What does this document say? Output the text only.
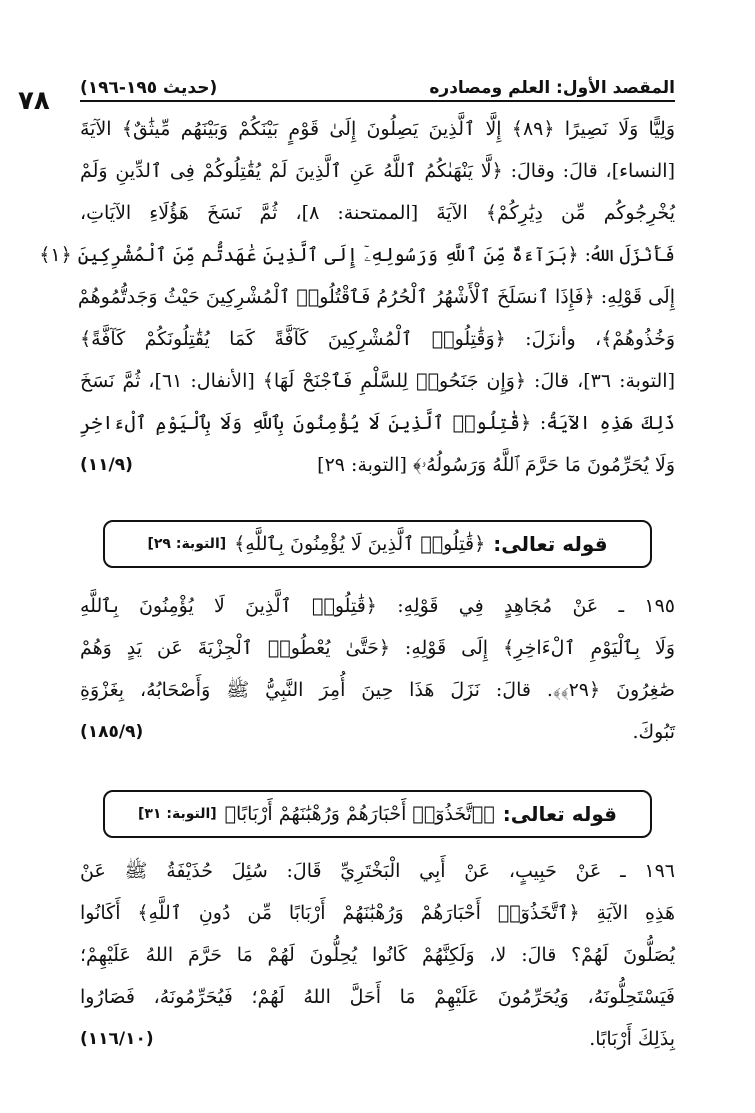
المقصد الأول: العلم ومصادره
(حديث ١٩٥-١٩٦)
٧٨
وَلِيًّا وَلَا نَصِيرًا ﴿٨٩﴾ إِلَّا ٱلَّذِينَ يَصِلُونَ إِلَىٰ قَوْمٍ بَيْنَكُمْ وَبَيْنَهُم مِّيثَٰقٌ﴾ الآيَةَ
[النساء]، قالَ: وقالَ: ﴿لَّا يَنْهَىٰكُمُ ٱللَّهُ عَنِ ٱلَّذِينَ لَمْ يُقَٰتِلُوكُمْ فِى ٱلدِّينِ وَلَمْ
يُخْرِجُوكُم مِّن دِيَٰرِكُمْ﴾ الآيَةَ [الممتحنة: ٨]، ثُمَّ نَسَخَ هَؤُلَاءِ الآيَاتِ،
فَأَنْزَلَ اللهُ: ﴿بَرَآءَةٌ مِّنَ ٱللَّهِ وَرَسُولِهِۦٓ إِلَى ٱلَّذِينَ عَٰهَدتُّم مِّنَ ٱلْمُشْرِكِينَ ﴿١﴾
إِلَى قَوْلِهِ: ﴿فَإِذَا ٱنسَلَخَ ٱلْأَشْهُرُ ٱلْحُرُمُ فَٱقْتُلُوا۟ ٱلْمُشْرِكِينَ حَيْثُ وَجَدتُّمُوهُمْ
وَخُذُوهُمْ﴾، وأنزَلَ: ﴿وَقَٰتِلُوا۟ ٱلْمُشْرِكِينَ كَآفَّةً كَمَا يُقَٰتِلُونَكُمْ كَآفَّةً﴾
[التوبة: ٣٦]، قالَ: ﴿وَإِن جَنَحُوا۟ لِلسَّلْمِ فَٱجْنَحْ لَهَا﴾ [الأنفال: ٦١]، ثُمَّ نَسَخَ
ذَلِكَ هَذِهِ الآيَةُ: ﴿قَٰتِلُوا۟ ٱلَّذِينَ لَا يُؤْمِنُونَ بِٱللَّهِ وَلَا بِٱلْيَوْمِ ٱلْءَاخِرِ
وَلَا يُحَرِّمُونَ مَا حَرَّمَ ٱللَّهُ وَرَسُولُهُۥ﴾ [التوبة: ٢٩]
(١١/٩)
قوله تعالى:
﴿قَٰتِلُوا۟ ٱلَّذِينَ لَا يُؤْمِنُونَ بِٱللَّهِ﴾
[التوبة: ٢٩]
١٩٥ ـ عَنْ مُجَاهِدٍ فِي قَوْلِهِ: ﴿قَٰتِلُوا۟ ٱلَّذِينَ لَا يُؤْمِنُونَ بِٱللَّهِ
وَلَا بِٱلْيَوْمِ ٱلْءَاخِرِ﴾ إِلَى قَوْلِهِ: ﴿حَتَّىٰ يُعْطُوا۟ ٱلْجِزْيَةَ عَن يَدٍ وَهُمْ
صَٰغِرُونَ ﴿٢٩﴾﴾. قالَ: نَزَلَ هَذَا حِينَ أُمِرَ النَّبِيُّ ﷺ وَأَصْحَابُهُ، بِغَزْوَةِ
تَبُوكَ.
(١٨٥/٩)
قوله تعالى:
﴿ٱتَّخَذُوٓا۟ أَحْبَارَهُمْ وَرُهْبَٰنَهُمْ أَرْبَابًا﴾
[التوبة: ٣١]
١٩٦ ـ عَنْ حَبِيبٍ، عَنْ أَبِي الْبَخْتَرِيِّ قَالَ: سُئِلَ حُذَيْفَةُ ﷺ عَنْ
هَذِهِ الآيَةِ ﴿ٱتَّخَذُوٓا۟ أَحْبَارَهُمْ وَرُهْبَٰنَهُمْ أَرْبَابًا مِّن دُونِ ٱللَّهِ﴾ أَكَانُوا
يُصَلُّونَ لَهُمْ؟ قالَ: لا، وَلَكِنَّهُمْ كَانُوا يُحِلُّونَ لَهُمْ مَا حَرَّمَ اللهُ عَلَيْهِمْ؛
فَيَسْتَحِلُّونَهُ، وَيُحَرِّمُونَ عَلَيْهِمْ مَا أَحَلَّ اللهُ لَهُمْ؛ فَيُحَرِّمُونَهُ، فَصَارُوا
بِذَلِكَ أَرْبَابًا.
(١١٦/١٠)
